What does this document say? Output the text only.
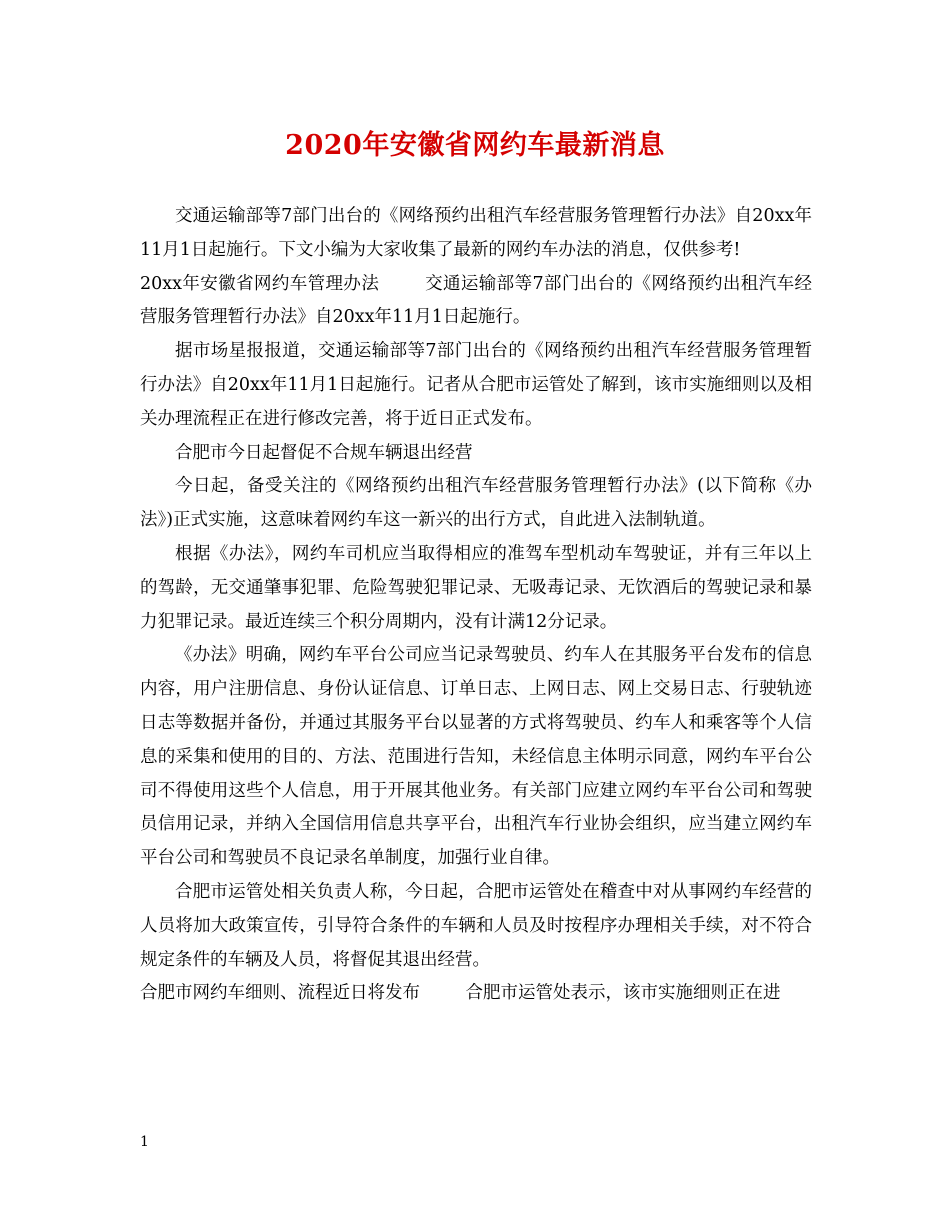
2020年安徽省网约车最新消息

交通运输部等7部门出台的《网络预约出租汽车经营服务管理暂行办法》自20xx年11月1日起施行。下文小编为大家收集了最新的网约车办法的消息，仅供参考!

20xx年安徽省网约车管理办法	交通运输部等7部门出台的《网络预约出租汽车经营服务管理暂行办法》自20xx年11月1日起施行。

据市场星报报道，交通运输部等7部门出台的《网络预约出租汽车经营服务管理暂行办法》自20xx年11月1日起施行。记者从合肥市运管处了解到，该市实施细则以及相关办理流程正在进行修改完善，将于近日正式发布。

合肥市今日起督促不合规车辆退出经营

今日起，备受关注的《网络预约出租汽车经营服务管理暂行办法》(以下简称《办法》)正式实施，这意味着网约车这一新兴的出行方式，自此进入法制轨道。

根据《办法》，网约车司机应当取得相应的准驾车型机动车驾驶证，并有三年以上的驾龄，无交通肇事犯罪、危险驾驶犯罪记录、无吸毒记录、无饮酒后的驾驶记录和暴力犯罪记录。最近连续三个积分周期内，没有计满12分记录。

《办法》明确，网约车平台公司应当记录驾驶员、约车人在其服务平台发布的信息内容，用户注册信息、身份认证信息、订单日志、上网日志、网上交易日志、行驶轨迹日志等数据并备份，并通过其服务平台以显著的方式将驾驶员、约车人和乘客等个人信息的采集和使用的目的、方法、范围进行告知，未经信息主体明示同意，网约车平台公司不得使用这些个人信息，用于开展其他业务。有关部门应建立网约车平台公司和驾驶员信用记录，并纳入全国信用信息共享平台，出租汽车行业协会组织，应当建立网约车平台公司和驾驶员不良记录名单制度，加强行业自律。

合肥市运管处相关负责人称，今日起，合肥市运管处在稽查中对从事网约车经营的人员将加大政策宣传，引导符合条件的车辆和人员及时按程序办理相关手续，对不符合规定条件的车辆及人员，将督促其退出经营。

合肥市网约车细则、流程近日将发布	合肥市运管处表示，该市实施细则正在进

1
